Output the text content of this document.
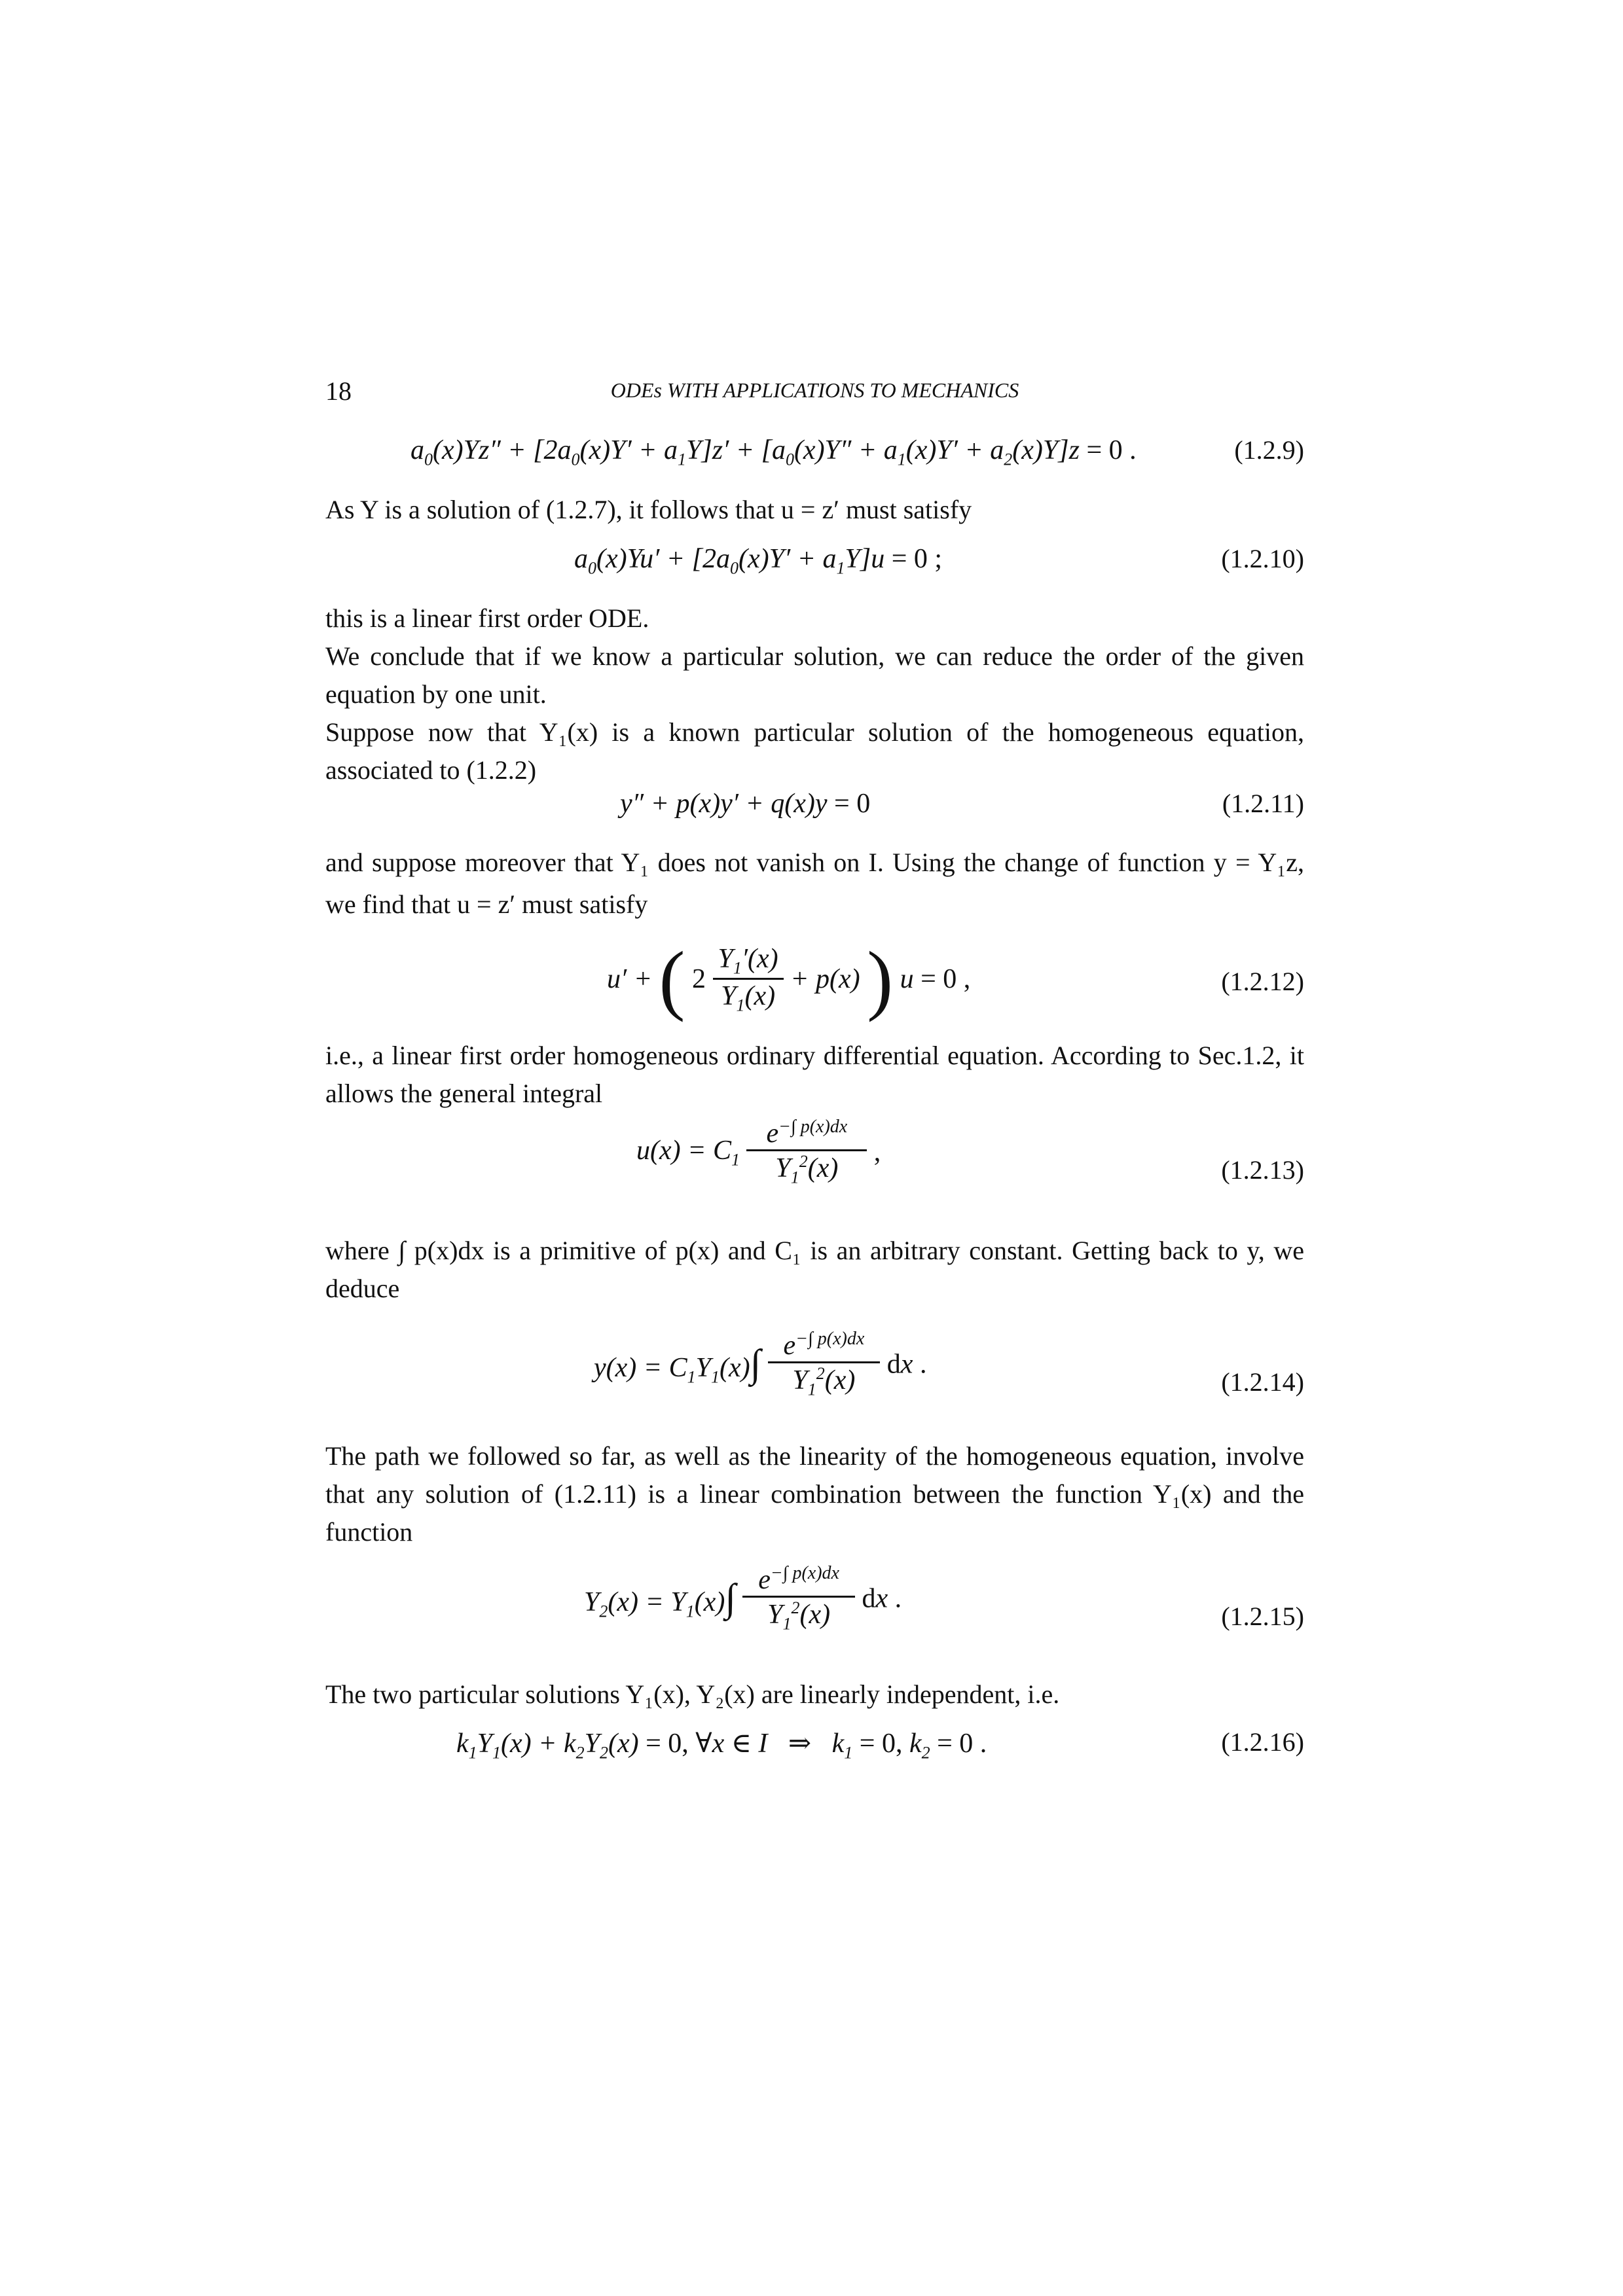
18	ODEs WITH APPLICATIONS TO MECHANICS
$a_0(x)Yz'' + [2a_0(x)Y' + a_1Y]z' + [a_0(x)Y'' + a_1(x)Y' + a_2(x)Y]z = 0$ .	(1.2.9)
As Y is a solution of (1.2.7), it follows that u = z′ must satisfy
$a_0(x)Yu' + [2a_0(x)Y' + a_1Y]u = 0$ ;	(1.2.10)
this is a linear first order ODE.
We conclude that if we know a particular solution, we can reduce the order of the given equation by one unit.
Suppose now that Y₁(x) is a known particular solution of the homogeneous equation, associated to (1.2.2)
y″ + p(x)y′ + q(x)y = 0	(1.2.11)
and suppose moreover that Y₁ does not vanish on I. Using the change of function y = Y₁z, we find that u = z′ must satisfy
u′ + ( $2 \frac{Y_1'(x)}{Y_1(x)} + p(x)$ ) u = 0 ,	(1.2.12)
i.e., a linear first order homogeneous ordinary differential equation. According to Sec.1.2, it allows the general integral
$u(x) = C_1 \frac{e^{-\int p(x)dx}}{Y_1^2(x)}$ ,
(1.2.13)
where ∫ p(x)dx is a primitive of p(x) and C₁ is an arbitrary constant. Getting back to y, we deduce
$y(x) = C_1Y_1(x)\int \frac{e^{-\int p(x)dx}}{Y_1^2(x)}$ dx .
(1.2.14)
The path we followed so far, as well as the linearity of the homogeneous equation, involve that any solution of (1.2.11) is a linear combination between the function Y₁(x) and the function
$Y_2(x) = Y_1(x)\int \frac{e^{-\int p(x)dx}}{Y_1^2(x)}$ dx .
(1.2.15)
The two particular solutions Y₁(x), Y₂(x) are linearly independent, i.e.
$k_1Y_1(x) + k_2Y_2(x) = 0$, ∀x ∈ I   ⇒   $k_1 = 0$, $k_2 = 0$ .	(1.2.16)
